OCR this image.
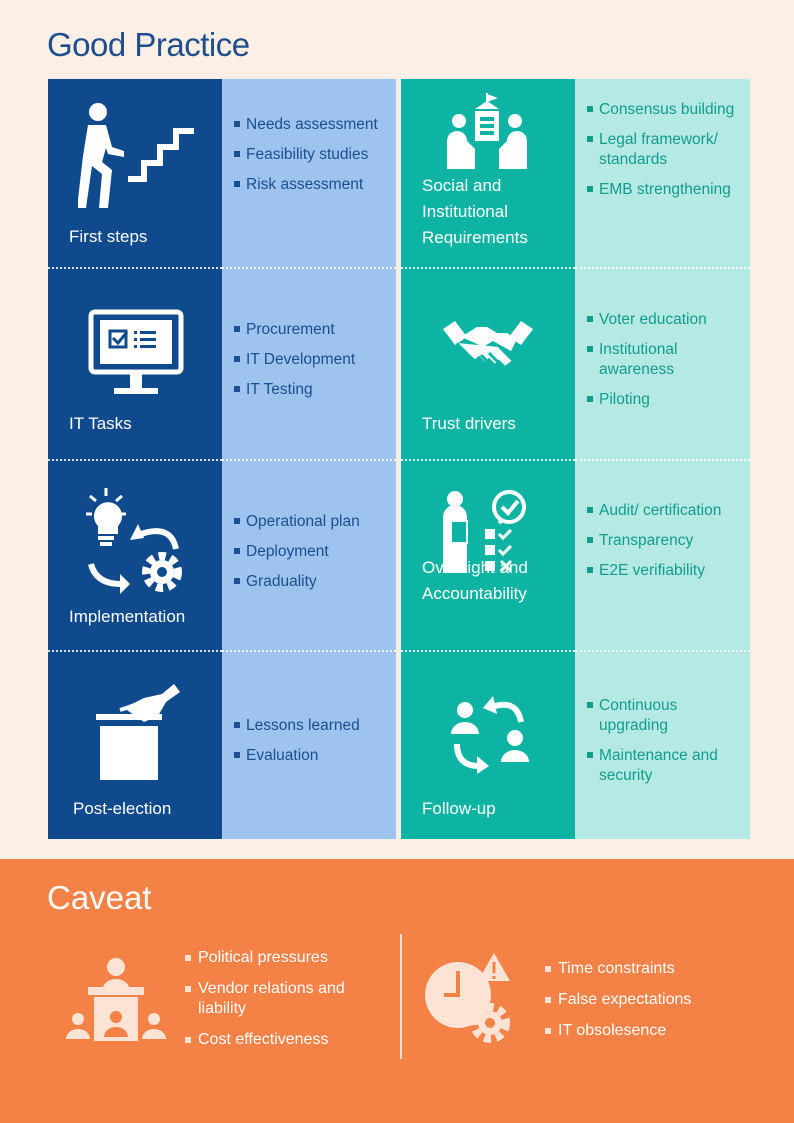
Good Practice
First steps
IT Tasks
Implementation
Post-election
Needs assessment
Feasibility studies
Risk assessment
Procurement
IT Development
IT Testing
Operational plan
Deployment
Graduality
Lessons learned
Evaluation
Social and Institutional Requirements
Trust drivers
Oversight and Accountability
Follow-up
Consensus building
Legal framework/ standards
EMB strengthening
Voter education
Institutional awareness
Piloting
Audit/ certification
Transparency
E2E verifiability
Continuous upgrading
Maintenance and security
Caveat
Political pressures
Vendor relations and liability
Cost effectiveness
Time constraints
False expectations
IT obsolesence
